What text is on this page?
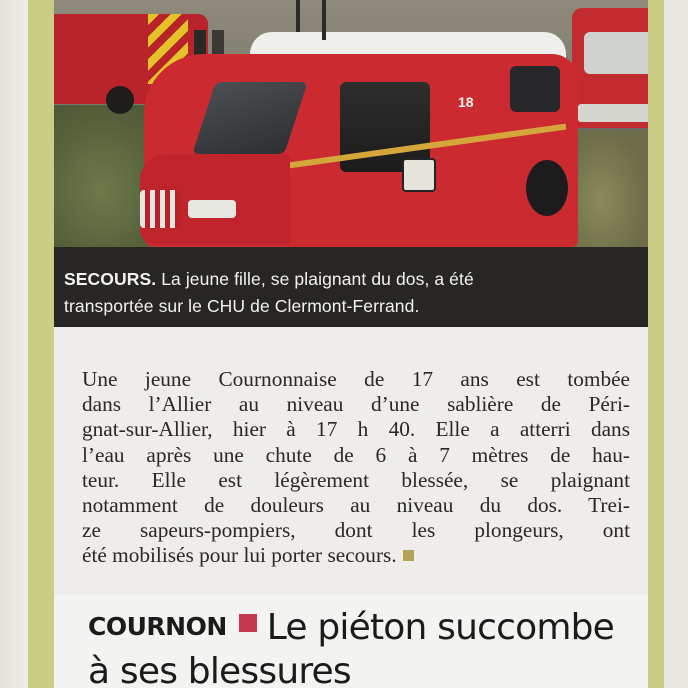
18
SECOURS. La jeune fille, se plaignant du dos, a été
transportée sur le CHU de Clermont-Ferrand.
Une jeune Cournonnaise de 17 ans est tombée
dans l’Allier au niveau d’une sablière de Péri-
gnat-sur-Allier, hier à 17 h 40. Elle a atterri dans
l’eau après une chute de 6 à 7 mètres de hau-
teur. Elle est légèrement blessée, se plaignant
notamment de douleurs au niveau du dos. Trei-
ze sapeurs-pompiers, dont les plongeurs, ont
été mobilisés pour lui porter secours.
COURNON Le piéton succombe
à ses blessures
